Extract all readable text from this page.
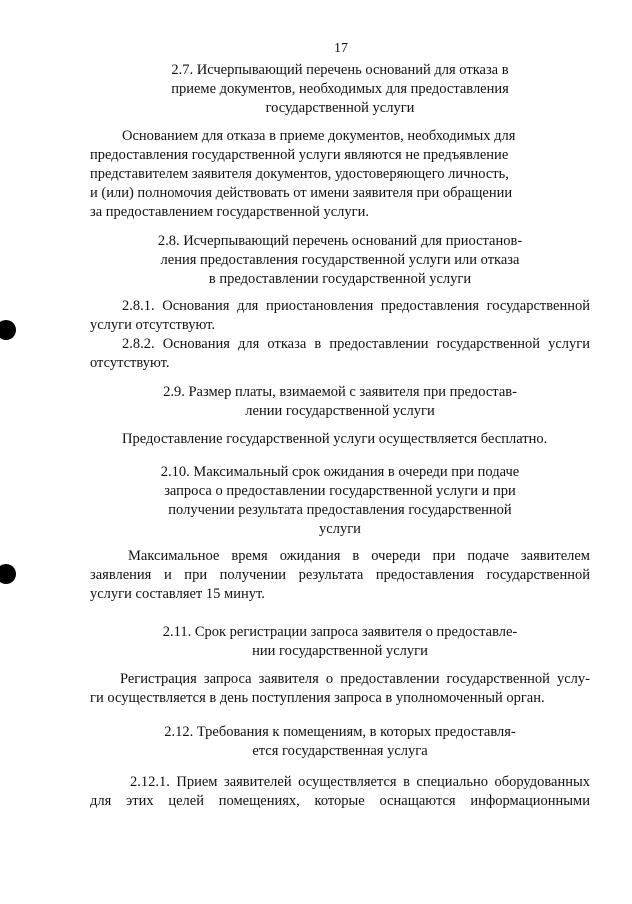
17
2.7. Исчерпывающий перечень оснований для отказа в
приеме документов, необходимых для предоставления
государственной услуги
Основанием для отказа в приеме документов, необходимых для
предоставления государственной услуги являются не предъявление
представителем заявителя документов, удостоверяющего личность,
и (или) полномочия действовать от имени заявителя при обращении
за предоставлением государственной услуги.
2.8. Исчерпывающий перечень оснований для приостанов-
ления предоставления государственной услуги или отказа
в предоставлении государственной услуги
2.8.1. Основания для приостановления предоставления государственной
услуги отсутствуют.
2.8.2. Основания для отказа в предоставлении государственной услуги
отсутствуют.
2.9. Размер платы, взимаемой с заявителя при предостав-
лении государственной услуги
Предоставление государственной услуги осуществляется бесплатно.
2.10. Максимальный срок ожидания в очереди при подаче
запроса о предоставлении государственной услуги и при
получении результата предоставления государственной
услуги
Максимальное время ожидания в очереди при подаче заявителем
заявления и при получении результата предоставления государственной
услуги составляет 15 минут.
2.11. Срок регистрации запроса заявителя о предоставле-
нии государственной услуги
Регистрация запроса заявителя о предоставлении государственной услу-
ги осуществляется в день поступления запроса в уполномоченный орган.
2.12. Требования к помещениям, в которых предоставля-
ется государственная услуга
2.12.1. Прием заявителей осуществляется в специально оборудованных
для этих целей помещениях, которые оснащаются информационными
